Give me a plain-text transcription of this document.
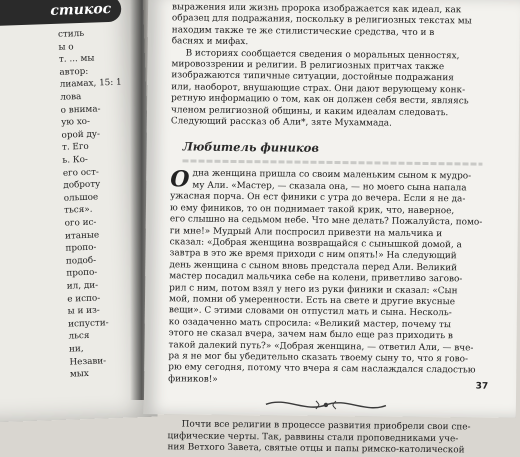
стикос
стиль
ы о
т. ... мы
автор:
лиамах, 15: 1
лова
о внима-
ую хо-
орой ду-
т. Его
ь. Ко-
его ост-
доброту
ольшое
ться».
ого ис-
итаные
пропо-
подоб-
пропо-
ил, ди-
е испо-
ы и из-
испусти-
лься
ни,
Незави-
мых

выражения или жизнь пророка изображается как идеал, как

образец для подражания, поскольку в религиозных текстах мы

находим также те же стилистические средства, что и в

баснях и мифах.

В историях сообщается сведения о моральных ценностях,

мировоззрении и религии. В религиозных притчах также

изображаются типичные ситуации, достойные подражания

или, наоборот, внушающие страх. Они дают верующему конк-

ретную информацию о том, как он должен себя вести, являясь

членом религиозной общины, и каким идеалам следовать.

Следующий рассказ об Али*, зяте Мухаммада.

Любитель фиников
О дна женщина пришла со своим маленьким сыном к мудро-

му Али. «Мастер, — сказала она, — но моего сына напала

ужасная порча. Он ест финики с утра до вечера. Если я не да-

ю ему фиников, то он поднимает такой крик, что, наверное,

его слышно на седьмом небе. Что мне делать? Пожалуйста, помо-

ги мне!» Мудрый Али поспросил привезти на мальчика и

сказал: «Добрая женщина возвращайся с сынышкой домой, а

завтра в это же время приходи с ним опять!» На следующий

день женщина с сыном вновь предстала перед Али. Великий

мастер посадил мальчика себе на колени, приветливо загово-

рил с ним, потом взял у него из руки финики и сказал: «Сын

мой, помни об умеренности. Есть на свете и другие вкусные

вещи». С этими словами он отпустил мать и сына. Несколь-

ко озадаченно мать спросила: «Великий мастер, почему ты

этого не сказал вчера, зачем нам было еще раз приходить в

такой далекий путь?» «Добрая женщина, — ответил Али, — вче-

ра я не мог бы убедительно сказать твоему сыну то, что я гово-

рю ему сегодня, потому что вчера я сам наслаждался сладостью

фиников!»

Почти все религии в процессе развития приобрели свои спе-

цифические черты. Так, раввины стали проповедниками уче-

ния Ветхого Завета, святые отцы и папы римско-католической

37
